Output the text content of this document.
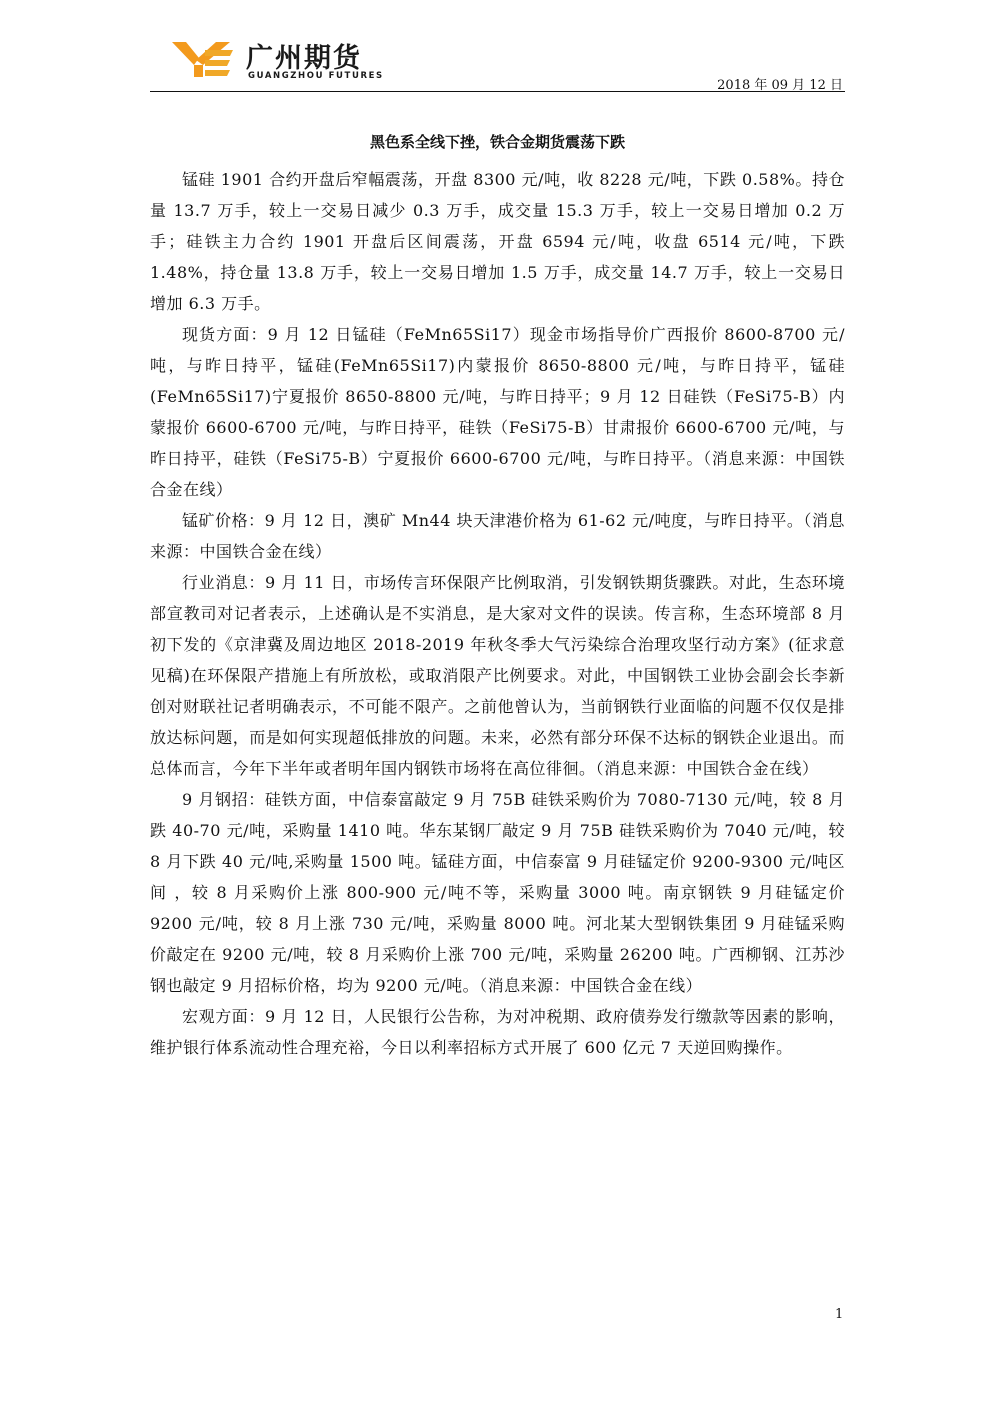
广州期货
GUANGZHOU FUTURES
2018 年 09 月 12 日
黑色系全线下挫，铁合金期货震荡下跌

锰硅 1901 合约开盘后窄幅震荡，开盘 8300 元/吨，收 8228 元/吨，下跌 0.58%。持仓量 13.7 万手，较上一交易日减少 0.3 万手，成交量 15.3 万手，较上一交易日增加 0.2 万手；硅铁主力合约 1901 开盘后区间震荡，开盘 6594 元/吨，收盘 6514 元/吨，下跌 1.48%，持仓量 13.8 万手，较上一交易日增加 1.5 万手，成交量 14.7 万手，较上一交易日增加 6.3 万手。

现货方面：9 月 12 日锰硅（FeMn65Si17）现金市场指导价广西报价 8600-8700 元/吨，与昨日持平，锰硅(FeMn65Si17)内蒙报价 8650-8800 元/吨，与昨日持平，锰硅(FeMn65Si17)宁夏报价 8650-8800 元/吨，与昨日持平；9 月 12 日硅铁（FeSi75-B）内蒙报价 6600-6700 元/吨，与昨日持平，硅铁（FeSi75-B）甘肃报价 6600-6700 元/吨，与昨日持平，硅铁（FeSi75-B）宁夏报价 6600-6700 元/吨，与昨日持平。（消息来源：中国铁合金在线）

锰矿价格：9 月 12 日，澳矿 Mn44 块天津港价格为 61-62 元/吨度，与昨日持平。（消息来源：中国铁合金在线）

行业消息：9 月 11 日，市场传言环保限产比例取消，引发钢铁期货骤跌。对此，生态环境部宣教司对记者表示，上述确认是不实消息，是大家对文件的误读。传言称，生态环境部 8 月初下发的《京津冀及周边地区 2018-2019 年秋冬季大气污染综合治理攻坚行动方案》(征求意见稿)在环保限产措施上有所放松，或取消限产比例要求。对此，中国钢铁工业协会副会长李新创对财联社记者明确表示，不可能不限产。之前他曾认为，当前钢铁行业面临的问题不仅仅是排放达标问题，而是如何实现超低排放的问题。未来，必然有部分环保不达标的钢铁企业退出。而总体而言，今年下半年或者明年国内钢铁市场将在高位徘徊。（消息来源：中国铁合金在线）

9 月钢招：硅铁方面，中信泰富敲定 9 月 75B 硅铁采购价为 7080-7130 元/吨，较 8 月跌 40-70 元/吨，采购量 1410 吨。华东某钢厂敲定 9 月 75B 硅铁采购价为 7040 元/吨，较 8 月下跌 40 元/吨,采购量 1500 吨。锰硅方面，中信泰富 9 月硅锰定价 9200-9300 元/吨区间 ，较 8 月采购价上涨 800-900 元/吨不等，采购量 3000 吨。南京钢铁 9 月硅锰定价 9200 元/吨，较 8 月上涨 730 元/吨，采购量 8000 吨。河北某大型钢铁集团 9 月硅锰采购价敲定在 9200 元/吨，较 8 月采购价上涨 700 元/吨，采购量 26200 吨。广西柳钢、江苏沙钢也敲定 9 月招标价格，均为 9200 元/吨。（消息来源：中国铁合金在线）

宏观方面：9 月 12 日，人民银行公告称，为对冲税期、政府债券发行缴款等因素的影响，维护银行体系流动性合理充裕，今日以利率招标方式开展了 600 亿元 7 天逆回购操作。

1
